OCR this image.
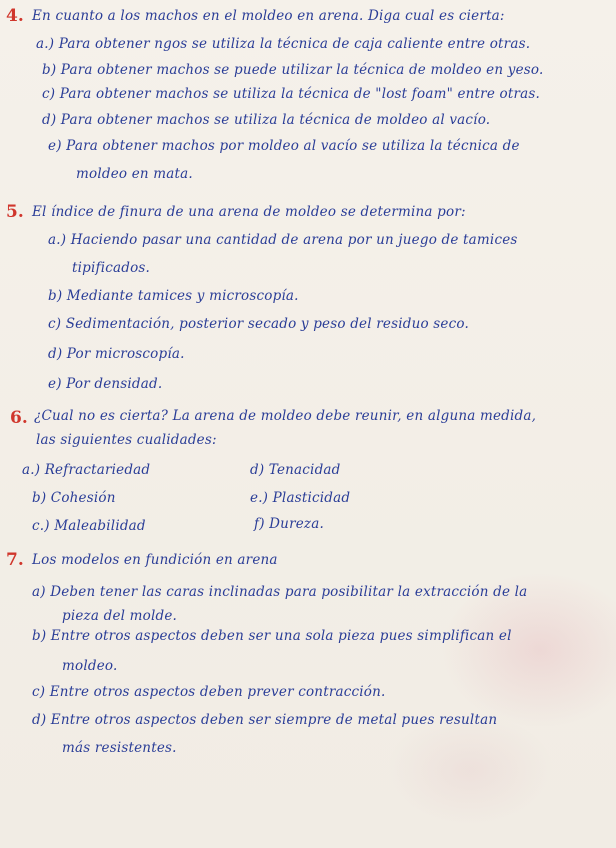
4. En cuanto a los machos en el moldeo en arena. Diga cual es cierta:
a.) Para obtener ngos se utiliza la técnica de caja caliente entre otras.
b) Para obtener machos se puede utilizar la técnica de moldeo en yeso.
c) Para obtener machos se utiliza la técnica de "lost foam" entre otras.
d) Para obtener machos se utiliza la técnica de moldeo al vacío.
e) Para obtener machos por moldeo al vacío se utiliza la técnica de
moldeo en mata.
5. El índice de finura de una arena de moldeo se determina por:
a.) Haciendo pasar una cantidad de arena por un juego de tamices
tipificados.
b) Mediante tamices y microscopía.
c) Sedimentación, posterior secado y peso del residuo seco.
d) Por microscopía.
e) Por densidad.
6. ¿Cual no es cierta? La arena de moldeo debe reunir, en alguna medida,
las siguientes cualidades:
a.) Refractariedad
b) Cohesión
c.) Maleabilidad
d) Tenacidad
e.) Plasticidad
f) Dureza.
7. Los modelos en fundición en arena
a) Deben tener las caras inclinadas para posibilitar la extracción de la
pieza del molde.
b) Entre otros aspectos deben ser una sola pieza pues simplifican el
moldeo.
c) Entre otros aspectos deben prever contracción.
d) Entre otros aspectos deben ser siempre de metal pues resultan
más resistentes.
